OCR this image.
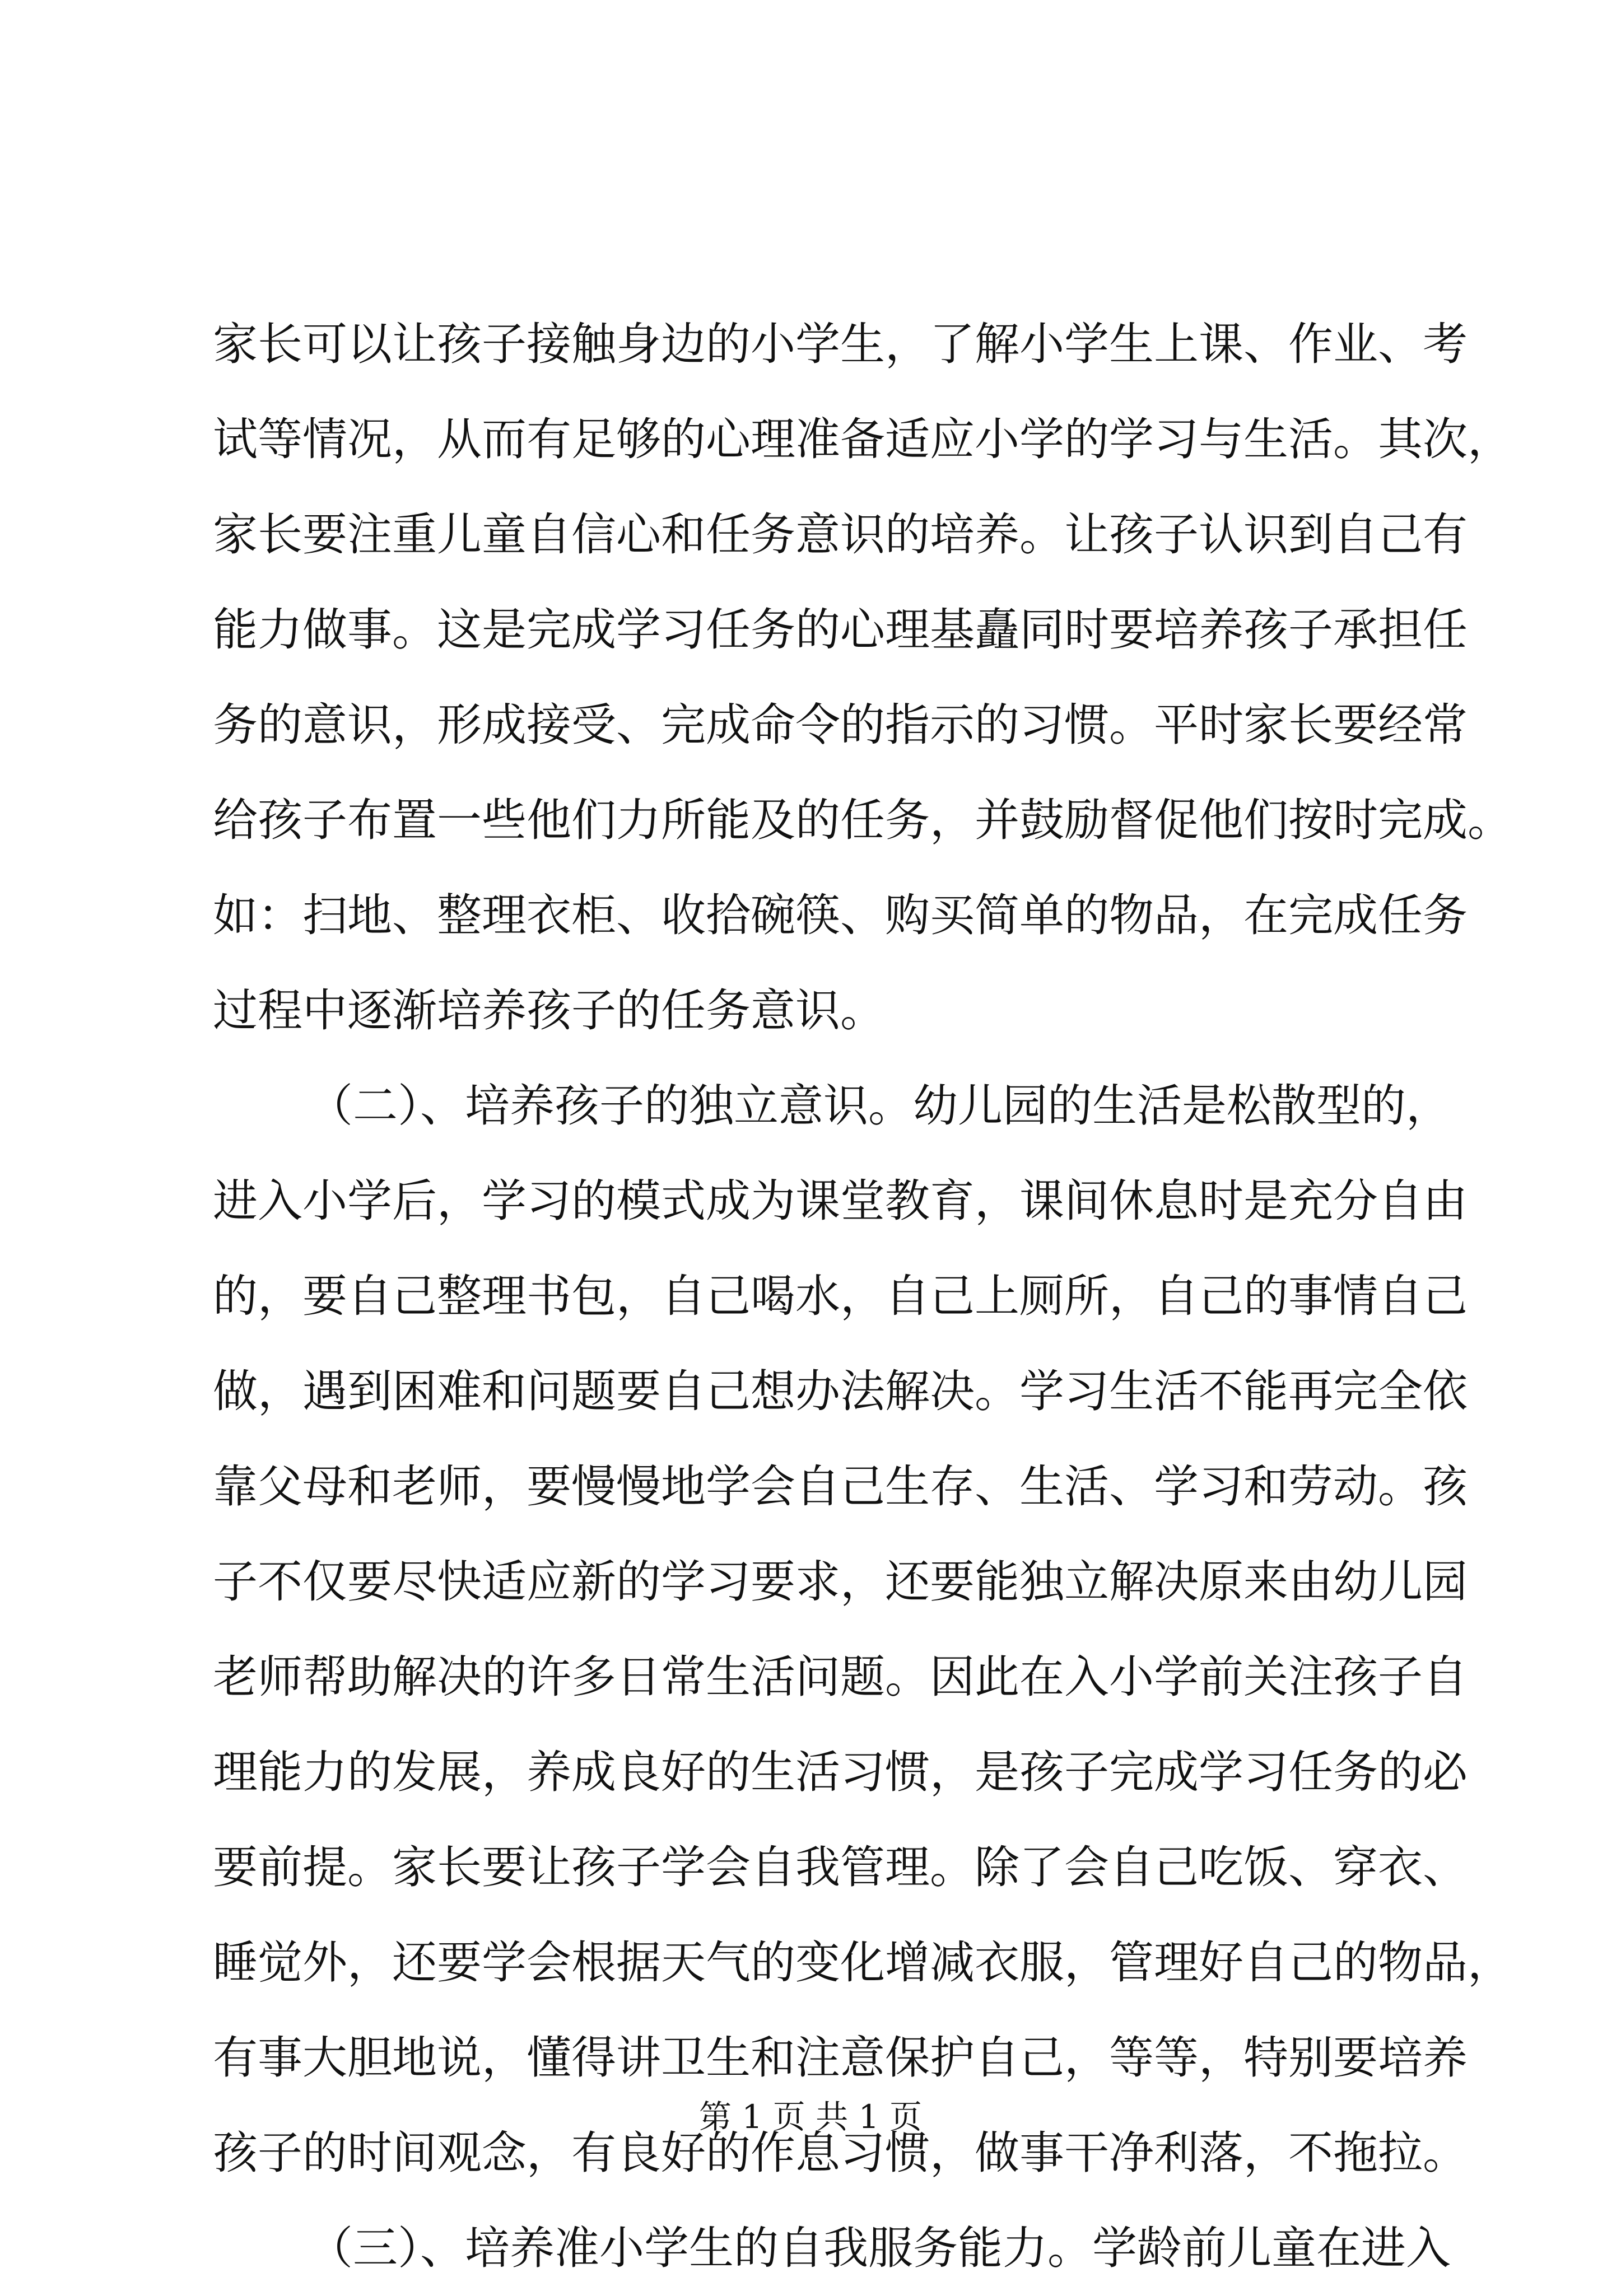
家长可以让孩子接触身边的小学生，了解小学生上课、作业、考
试等情况，从而有足够的心理准备适应小学的学习与生活。其次，
家长要注重儿童自信心和任务意识的培养。让孩子认识到自己有
能力做事。这是完成学习任务的心理基矗同时要培养孩子承担任
务的意识，形成接受、完成命令的指示的习惯。平时家长要经常
给孩子布置一些他们力所能及的任务，并鼓励督促他们按时完成。
如：扫地、整理衣柜、收拾碗筷、购买简单的物品，在完成任务
过程中逐渐培养孩子的任务意识。
（二）、培养孩子的独立意识。幼儿园的生活是松散型的，
进入小学后，学习的模式成为课堂教育，课间休息时是充分自由
的，要自己整理书包，自己喝水，自己上厕所，自己的事情自己
做，遇到困难和问题要自己想办法解决。学习生活不能再完全依
靠父母和老师，要慢慢地学会自己生存、生活、学习和劳动。孩
子不仅要尽快适应新的学习要求，还要能独立解决原来由幼儿园
老师帮助解决的许多日常生活问题。因此在入小学前关注孩子自
理能力的发展，养成良好的生活习惯，是孩子完成学习任务的必
要前提。家长要让孩子学会自我管理。除了会自己吃饭、穿衣、
睡觉外，还要学会根据天气的变化增减衣服，管理好自己的物品，
有事大胆地说，懂得讲卫生和注意保护自己，等等，特别要培养
孩子的时间观念，有良好的作息习惯，做事干净利落，不拖拉。
（三）、培养准小学生的自我服务能力。学龄前儿童在进入
第 1 页 共 1 页
